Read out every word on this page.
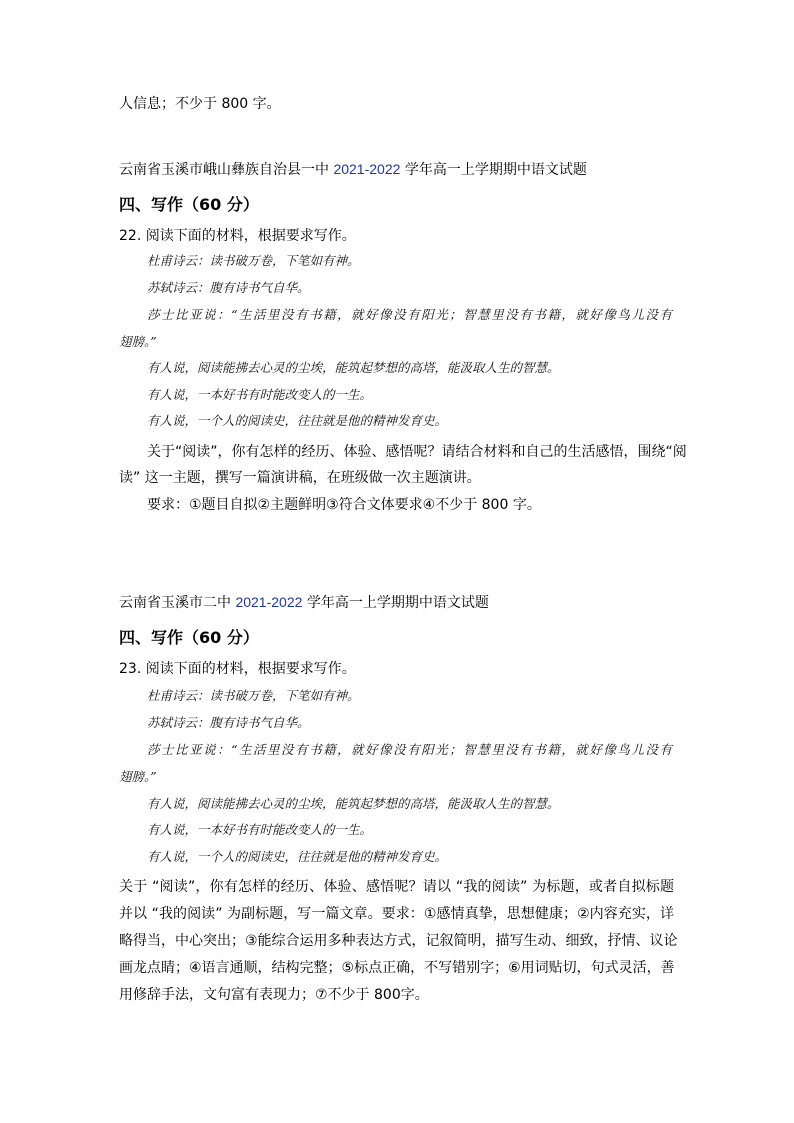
人信息；不少于 800 字。
云南省玉溪市峨山彝族自治县一中 2021-2022 学年高一上学期期中语文试题
四、写作（60 分）
22. 阅读下面的材料，根据要求写作。
杜甫诗云：读书破万卷，下笔如有神。
苏轼诗云：腹有诗书气自华。
莎士比亚说：“生活里没有书籍，就好像没有阳光；智慧里没有书籍，就好像鸟儿没有
翅膀。”
有人说，阅读能拂去心灵的尘埃，能筑起梦想的高塔，能汲取人生的智慧。
有人说，一本好书有时能改变人的一生。
有人说，一个人的阅读史，往往就是他的精神发育史。
关于“阅读”，你有怎样的经历、体验、感悟呢？请结合材料和自己的生活感悟，围绕“阅
读” 这一主题，撰写一篇演讲稿，在班级做一次主题演讲。
要求：①题目自拟②主题鲜明③符合文体要求④不少于 800 字。
云南省玉溪市二中 2021-2022 学年高一上学期期中语文试题
四、写作（60 分）
23. 阅读下面的材料，根据要求写作。
杜甫诗云：读书破万卷，下笔如有神。
苏轼诗云：腹有诗书气自华。
莎士比亚说：“生活里没有书籍，就好像没有阳光；智慧里没有书籍，就好像鸟儿没有
翅膀。”
有人说，阅读能拂去心灵的尘埃，能筑起梦想的高塔，能汲取人生的智慧。
有人说，一本好书有时能改变人的一生。
有人说，一个人的阅读史，往往就是他的精神发育史。
关于 “阅读”，你有怎样的经历、体验、感悟呢？请以 “我的阅读” 为标题，或者自拟标题
并以 “我的阅读” 为副标题，写一篇文章。要求：①感情真挚，思想健康；②内容充实，详
略得当，中心突出；③能综合运用多种表达方式，记叙简明，描写生动、细致，抒情、议论
画龙点睛；④语言通顺，结构完整；⑤标点正确，不写错别字；⑥用词贴切，句式灵活，善
用修辞手法，文句富有表现力；⑦不少于 800字。
